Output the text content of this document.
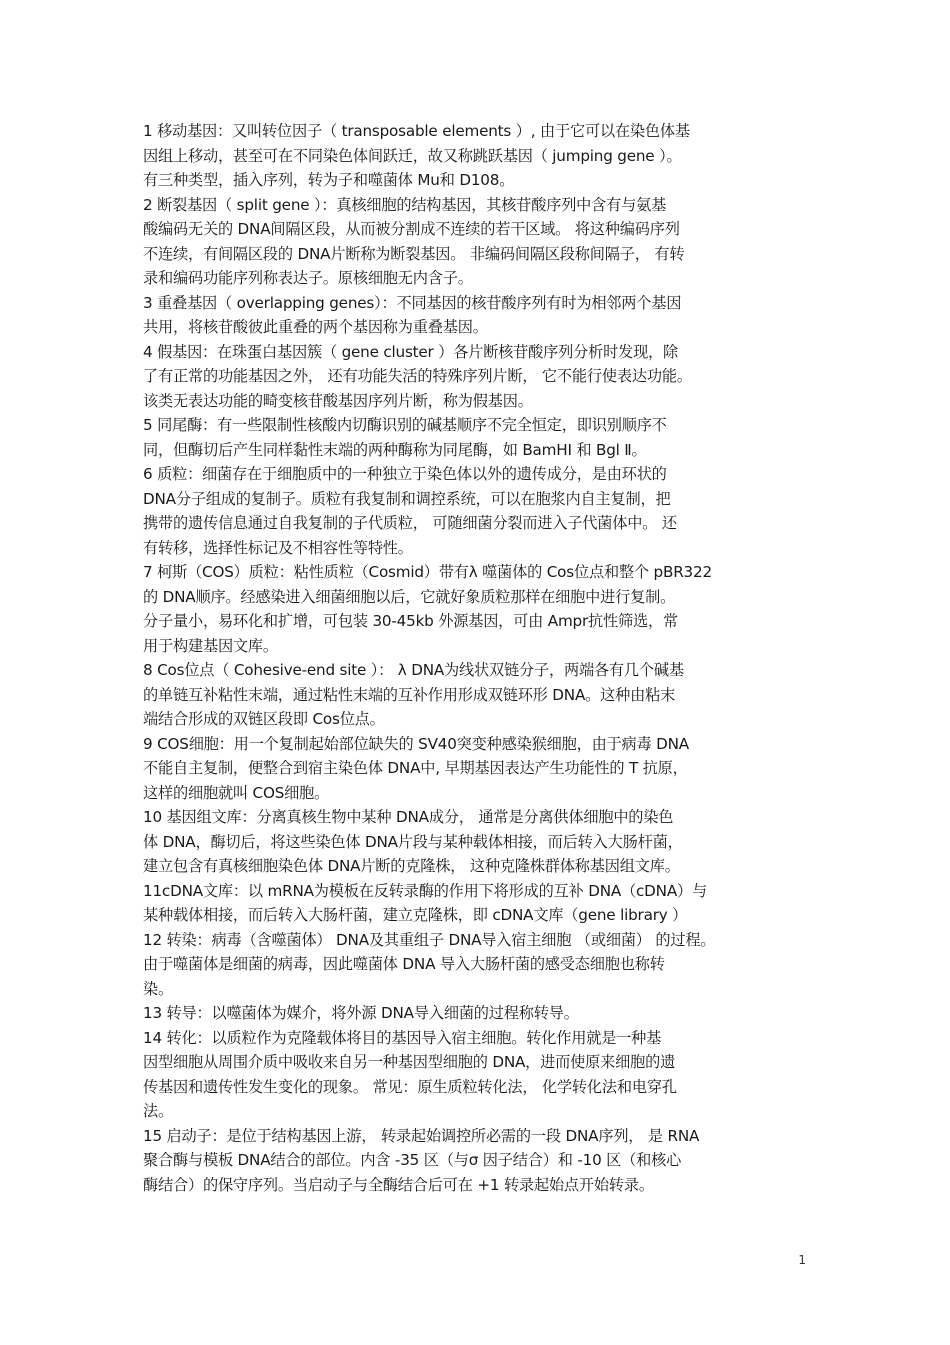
1 移动基因：又叫转位因子（ transposable elements ）, 由于它可以在染色体基
因组上移动，甚至可在不同染色体间跃迁，故又称跳跃基因（ jumping gene ）。
有三种类型，插入序列，转为子和噬菌体 Mu和 D108。
2 断裂基因（ split gene ）：真核细胞的结构基因，其核苷酸序列中含有与氨基
酸编码无关的 DNA间隔区段，从而被分割成不连续的若干区域。 将这种编码序列
不连续，有间隔区段的 DNA片断称为断裂基因。 非编码间隔区段称间隔子， 有转
录和编码功能序列称表达子。原核细胞无内含子。
3 重叠基因（ overlapping genes）：不同基因的核苷酸序列有时为相邻两个基因
共用，将核苷酸彼此重叠的两个基因称为重叠基因。
4 假基因：在珠蛋白基因簇（ gene cluster ）各片断核苷酸序列分析时发现，除
了有正常的功能基因之外， 还有功能失活的特殊序列片断， 它不能行使表达功能。
该类无表达功能的畸变核苷酸基因序列片断，称为假基因。
5 同尾酶：有一些限制性核酸内切酶识别的碱基顺序不完全恒定，即识别顺序不
同，但酶切后产生同样黏性末端的两种酶称为同尾酶，如 BamHⅠ 和 Bgl Ⅱ。
6 质粒：细菌存在于细胞质中的一种独立于染色体以外的遗传成分，是由环状的
DNA分子组成的复制子。质粒有我复制和调控系统，可以在胞浆内自主复制，把
携带的遗传信息通过自我复制的子代质粒， 可随细菌分裂而进入子代菌体中。 还
有转移，选择性标记及不相容性等特性。
7 柯斯（COS）质粒：粘性质粒（Cosmid）带有λ 噬菌体的 Cos位点和整个 pBR322
的 DNA顺序。经感染进入细菌细胞以后，它就好象质粒那样在细胞中进行复制。
分子量小，易环化和扩增，可包装 30-45kb 外源基因，可由 Ampr抗性筛选，常
用于构建基因文库。
8 Cos位点（ Cohesive-end site ）： λ DNA为线状双链分子，两端各有几个碱基
的单链互补粘性末端，通过粘性末端的互补作用形成双链环形 DNA。这种由粘末
端结合形成的双链区段即 Cos位点。
9 COS细胞：用一个复制起始部位缺失的 SV40突变种感染猴细胞，由于病毒 DNA
不能自主复制，便整合到宿主染色体 DNA中, 早期基因表达产生功能性的 T 抗原，
这样的细胞就叫 COS细胞。
10 基因组文库：分离真核生物中某种 DNA成分， 通常是分离供体细胞中的染色
体 DNA，酶切后，将这些染色体 DNA片段与某种载体相接，而后转入大肠杆菌，
建立包含有真核细胞染色体 DNA片断的克隆株， 这种克隆株群体称基因组文库。
11cDNA文库：以 mRNA为模板在反转录酶的作用下将形成的互补 DNA（cDNA）与
某种载体相接，而后转入大肠杆菌，建立克隆株，即 cDNA文库（gene library ）
12 转染：病毒（含噬菌体） DNA及其重组子 DNA导入宿主细胞 （或细菌） 的过程。
由于噬菌体是细菌的病毒，因此噬菌体 DNA 导入大肠杆菌的感受态细胞也称转
染。
13 转导：以噬菌体为媒介，将外源 DNA导入细菌的过程称转导。
14 转化：以质粒作为克隆载体将目的基因导入宿主细胞。转化作用就是一种基
因型细胞从周围介质中吸收来自另一种基因型细胞的 DNA，进而使原来细胞的遗
传基因和遗传性发生变化的现象。 常见：原生质粒转化法， 化学转化法和电穿孔
法。
15 启动子：是位于结构基因上游， 转录起始调控所必需的一段 DNA序列， 是 RNA
聚合酶与模板 DNA结合的部位。内含 -35 区（与σ 因子结合）和 -10 区（和核心
酶结合）的保守序列。当启动子与全酶结合后可在 +1 转录起始点开始转录。
1
